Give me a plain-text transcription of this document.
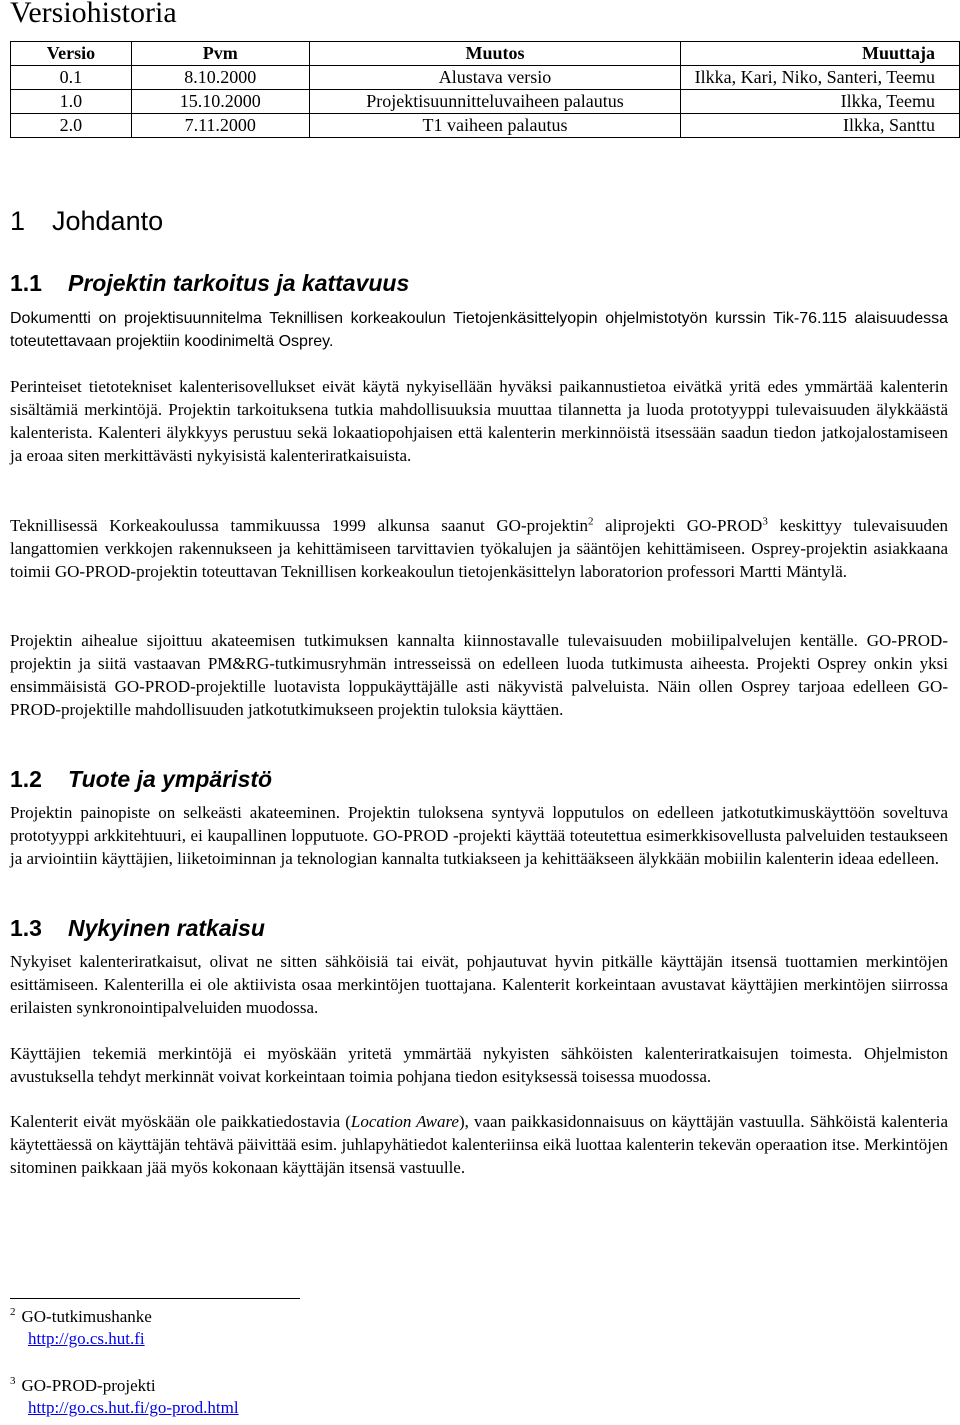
Versiohistoria
Versio	Pvm	Muutos	Muuttaja
0.1	8.10.2000	Alustava versio	Ilkka, Kari, Niko, Santeri, Teemu
1.0	15.10.2000	Projektisuunnitteluvaiheen palautus	Ilkka, Teemu
2.0	7.11.2000	T1 vaiheen palautus	Ilkka, Santtu
1 Johdanto
1.1 Projektin tarkoitus ja kattavuus

Dokumentti on projektisuunnitelma Teknillisen korkeakoulun Tietojenkäsittelyopin ohjelmistotyön kurssin Tik-76.115 alaisuudessa toteutettavaan projektiin koodinimeltä Osprey.

Perinteiset tietotekniset kalenterisovellukset eivät käytä nykyisellään hyväksi paikannustietoa eivätkä yritä edes ymmärtää kalenterin sisältämiä merkintöjä. Projektin tarkoituksena tutkia mahdollisuuksia muuttaa tilannetta ja luoda prototyyppi tulevaisuuden älykkäästä kalenterista. Kalenteri älykkyys perustuu sekä lokaatiopohjaisen että kalenterin merkinnöistä itsessään saadun tiedon jatkojalostamiseen ja eroaa siten merkittävästi nykyisistä kalenteriratkaisuista.

Teknillisessä Korkeakoulussa tammikuussa 1999 alkunsa saanut GO-projektin$^2$ aliprojekti GO-PROD$^3$ keskittyy tulevaisuuden langattomien verkkojen rakennukseen ja kehittämiseen tarvittavien työkalujen ja sääntöjen kehittämiseen. Osprey-projektin asiakkaana toimii GO-PROD-projektin toteuttavan Teknillisen korkeakoulun tietojenkäsittelyn laboratorion professori Martti Mäntylä.

Projektin aihealue sijoittuu akateemisen tutkimuksen kannalta kiinnostavalle tulevaisuuden mobiilipalvelujen kentälle. GO-PROD-projektin ja siitä vastaavan PM&RG-tutkimusryhmän intresseissä on edelleen luoda tutkimusta aiheesta. Projekti Osprey onkin yksi ensimmäisistä GO-PROD-projektille luotavista loppukäyttäjälle asti näkyvistä palveluista. Näin ollen Osprey tarjoaa edelleen GO-PROD-projektille mahdollisuuden jatkotutkimukseen projektin tuloksia käyttäen.

1.2 Tuote ja ympäristö

Projektin painopiste on selkeästi akateeminen. Projektin tuloksena syntyvä lopputulos on edelleen jatkotutkimuskäyttöön soveltuva prototyyppi arkkitehtuuri, ei kaupallinen lopputuote. GO-PROD -projekti käyttää toteutettua esimerkkisovellusta palveluiden testaukseen ja arviointiin käyttäjien, liiketoiminnan ja teknologian kannalta tutkiakseen ja kehittääkseen älykkään mobiilin kalenterin ideaa edelleen.

1.3 Nykyinen ratkaisu

Nykyiset kalenteriratkaisut, olivat ne sitten sähköisiä tai eivät, pohjautuvat hyvin pitkälle käyttäjän itsensä tuottamien merkintöjen esittämiseen. Kalenterilla ei ole aktiivista osaa merkintöjen tuottajana. Kalenterit korkeintaan avustavat käyttäjien merkintöjen siirrossa erilaisten synkronointipalveluiden muodossa.

Käyttäjien tekemiä merkintöjä ei myöskään yritetä ymmärtää nykyisten sähköisten kalenteriratkaisujen toimesta. Ohjelmiston avustuksella tehdyt merkinnät voivat korkeintaan toimia pohjana tiedon esityksessä toisessa muodossa.

Kalenterit eivät myöskään ole paikkatiedostavia (Location Aware), vaan paikkasidonnaisuus on käyttäjän vastuulla. Sähköistä kalenteria käytettäessä on käyttäjän tehtävä päivittää esim. juhlapyhätiedot kalenteriinsa eikä luottaa kalenterin tekevän operaation itse. Merkintöjen sitominen paikkaan jää myös kokonaan käyttäjän itsensä vastuulle.

$^2$ GO-tutkimushanke
http://go.cs.hut.fi
$^3$ GO-PROD-projekti
http://go.cs.hut.fi/go-prod.html
